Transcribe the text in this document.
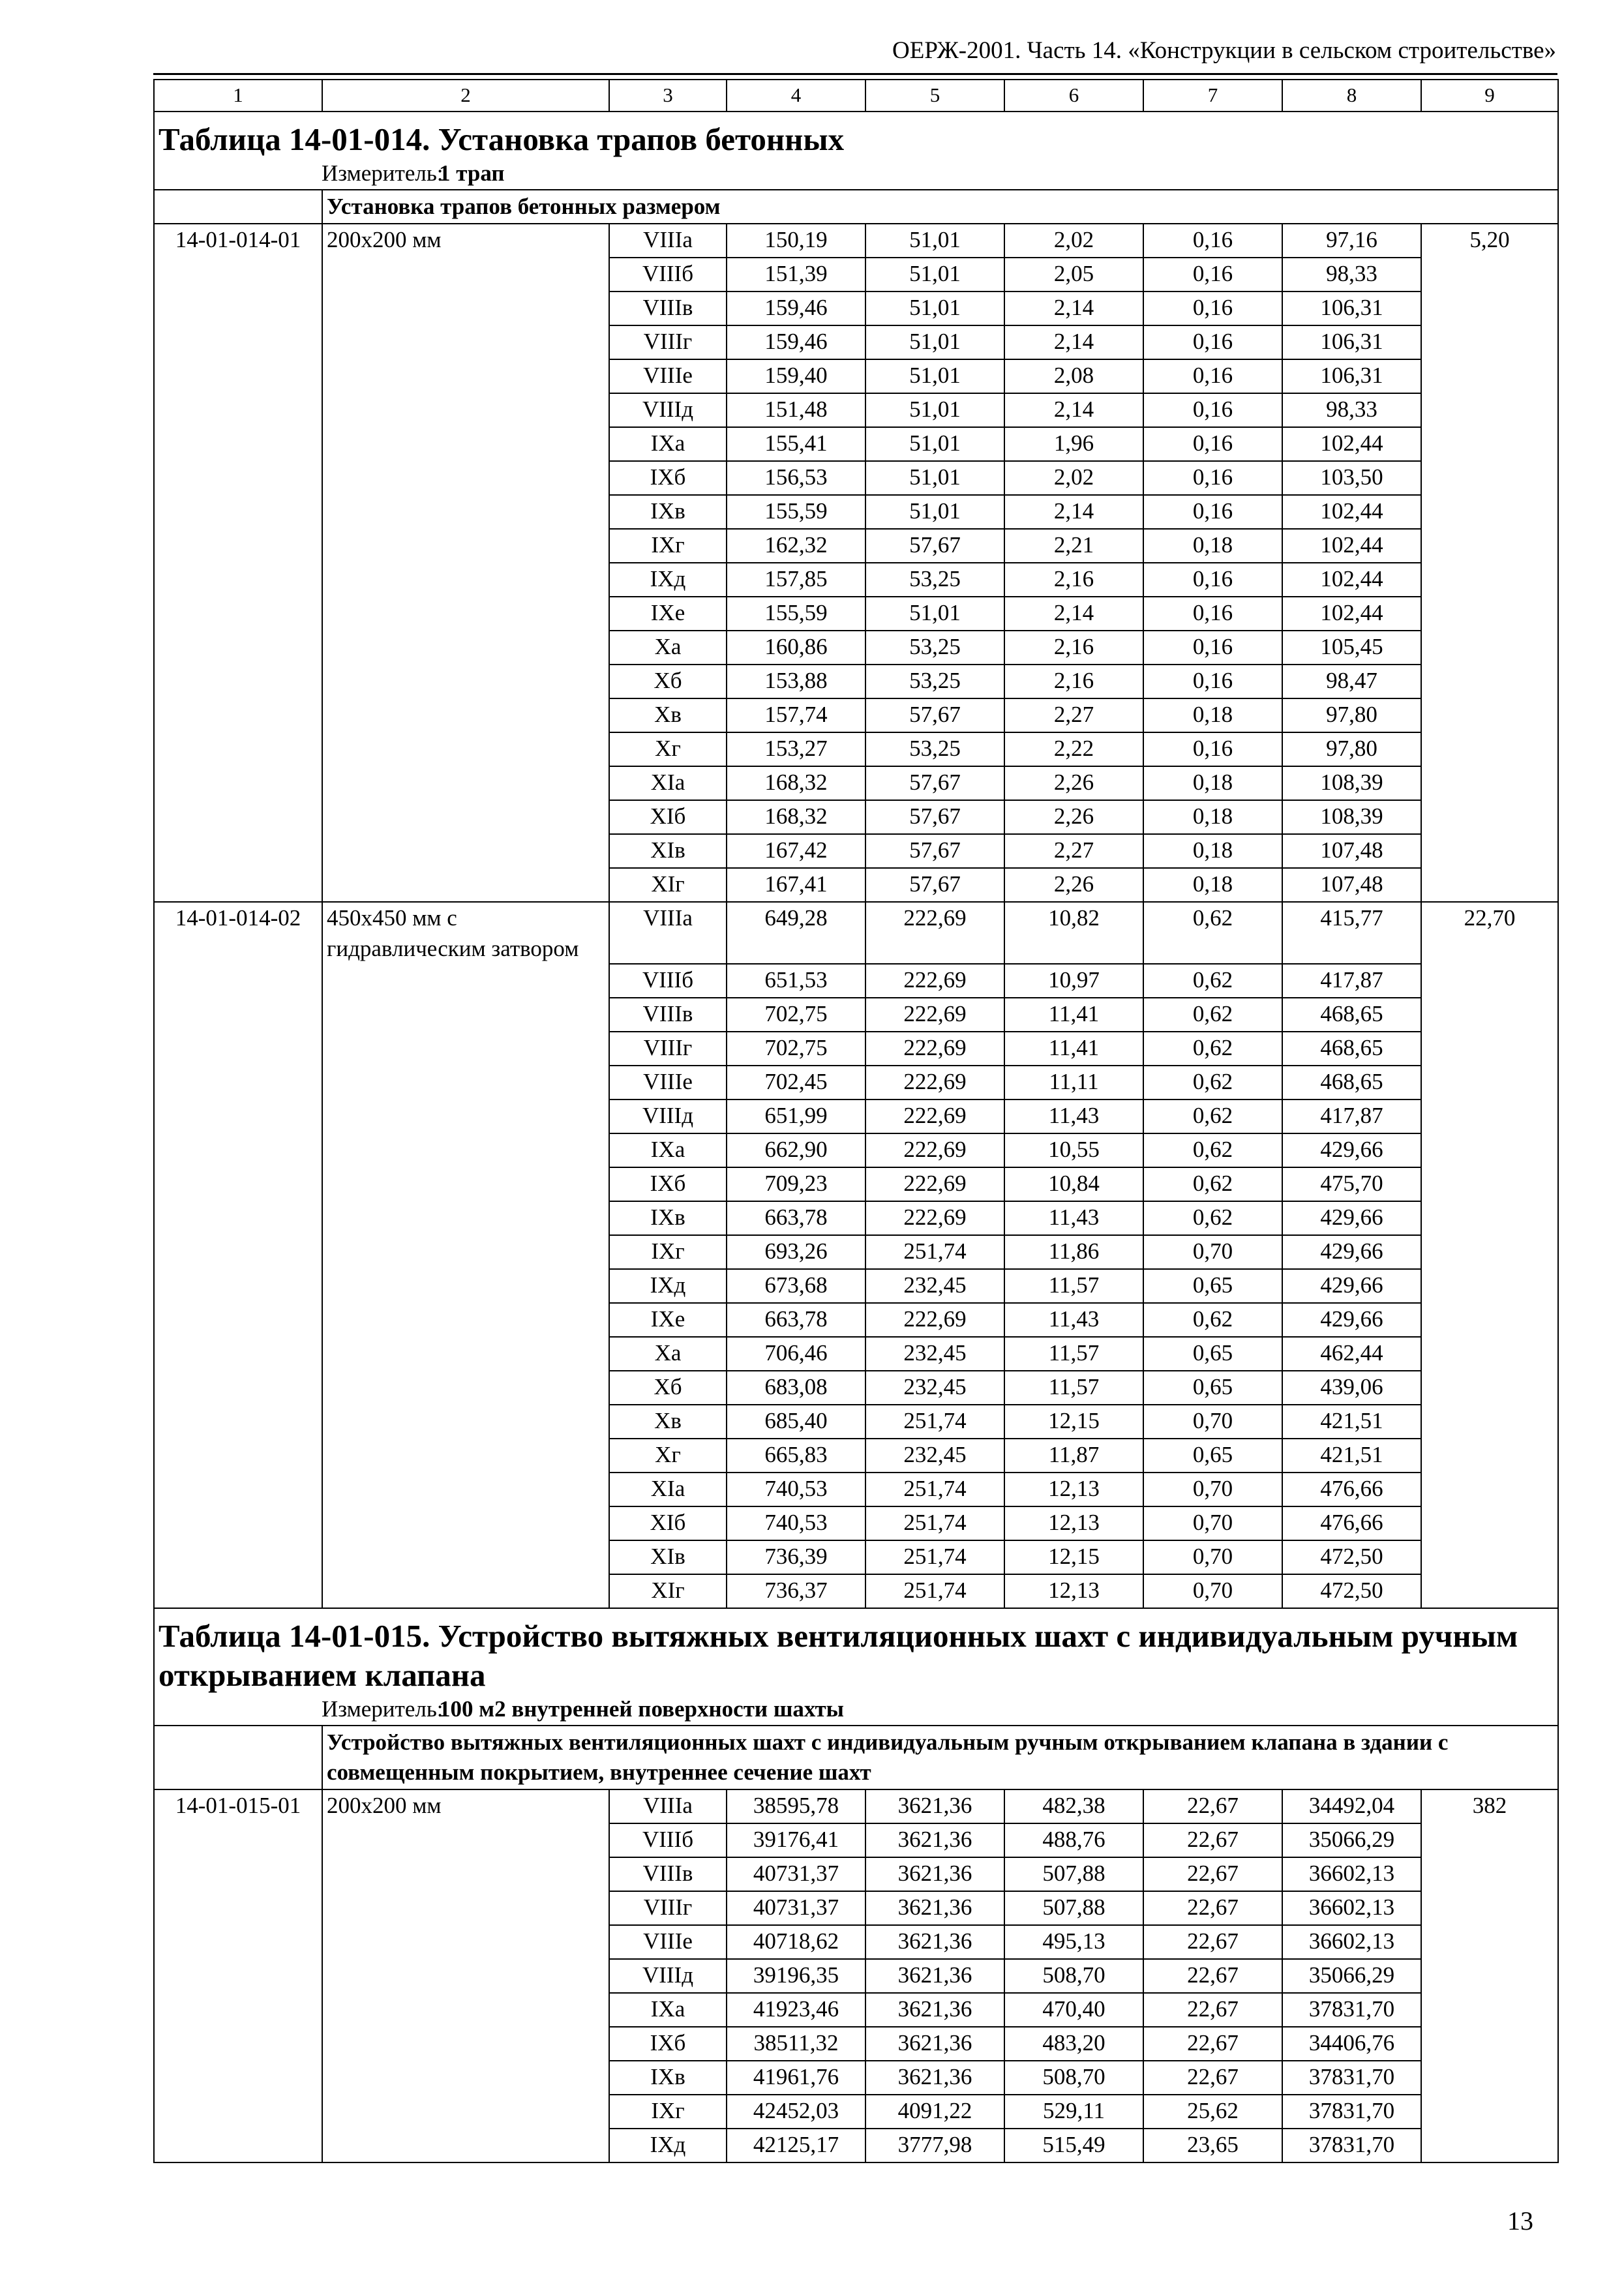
ОЕРЖ-2001. Часть 14. «Конструкции в сельском строительстве»
1	2	3	4	5	6	7	8	9
Таблица 14-01-014. Установка трапов бетонных								
Измеритель:1 трап								
	Установка трапов бетонных размером							
14-01-014-01	200х200 мм	VIIIа	150,19	51,01	2,02	0,16	97,16	5,20
		VIIIб	151,39	51,01	2,05	0,16	98,33	
		VIIIв	159,46	51,01	2,14	0,16	106,31	
		VIIIг	159,46	51,01	2,14	0,16	106,31	
		VIIIе	159,40	51,01	2,08	0,16	106,31	
		VIIIд	151,48	51,01	2,14	0,16	98,33	
		IXа	155,41	51,01	1,96	0,16	102,44	
		IXб	156,53	51,01	2,02	0,16	103,50	
		IXв	155,59	51,01	2,14	0,16	102,44	
		IXг	162,32	57,67	2,21	0,18	102,44	
		IXд	157,85	53,25	2,16	0,16	102,44	
		IXе	155,59	51,01	2,14	0,16	102,44	
		Xа	160,86	53,25	2,16	0,16	105,45	
		Xб	153,88	53,25	2,16	0,16	98,47	
		Xв	157,74	57,67	2,27	0,18	97,80	
		Xг	153,27	53,25	2,22	0,16	97,80	
		XIа	168,32	57,67	2,26	0,18	108,39	
		XIб	168,32	57,67	2,26	0,18	108,39	
		XIв	167,42	57,67	2,27	0,18	107,48	
		XIг	167,41	57,67	2,26	0,18	107,48	
14-01-014-02	450х450 мм с гидравлическим затвором	VIIIа	649,28	222,69	10,82	0,62	415,77	22,70
		VIIIб	651,53	222,69	10,97	0,62	417,87	
		VIIIв	702,75	222,69	11,41	0,62	468,65	
		VIIIг	702,75	222,69	11,41	0,62	468,65	
		VIIIе	702,45	222,69	11,11	0,62	468,65	
		VIIIд	651,99	222,69	11,43	0,62	417,87	
		IXа	662,90	222,69	10,55	0,62	429,66	
		IXб	709,23	222,69	10,84	0,62	475,70	
		IXв	663,78	222,69	11,43	0,62	429,66	
		IXг	693,26	251,74	11,86	0,70	429,66	
		IXд	673,68	232,45	11,57	0,65	429,66	
		IXе	663,78	222,69	11,43	0,62	429,66	
		Xа	706,46	232,45	11,57	0,65	462,44	
		Xб	683,08	232,45	11,57	0,65	439,06	
		Xв	685,40	251,74	12,15	0,70	421,51	
		Xг	665,83	232,45	11,87	0,65	421,51	
		XIа	740,53	251,74	12,13	0,70	476,66	
		XIб	740,53	251,74	12,13	0,70	476,66	
		XIв	736,39	251,74	12,15	0,70	472,50	
		XIг	736,37	251,74	12,13	0,70	472,50	
Таблица 14-01-015. Устройство вытяжных вентиляционных шахт с индивидуальным ручным открыванием клапана								
Измеритель:100 м2 внутренней поверхности шахты								
	Устройство вытяжных вентиляционных шахт с индивидуальным ручным открыванием клапана в здании с совмещенным покрытием, внутреннее сечение шахт							
14-01-015-01	200х200 мм	VIIIа	38595,78	3621,36	482,38	22,67	34492,04	382
		VIIIб	39176,41	3621,36	488,76	22,67	35066,29	
		VIIIв	40731,37	3621,36	507,88	22,67	36602,13	
		VIIIг	40731,37	3621,36	507,88	22,67	36602,13	
		VIIIе	40718,62	3621,36	495,13	22,67	36602,13	
		VIIIд	39196,35	3621,36	508,70	22,67	35066,29	
		IXа	41923,46	3621,36	470,40	22,67	37831,70	
		IXб	38511,32	3621,36	483,20	22,67	34406,76	
		IXв	41961,76	3621,36	508,70	22,67	37831,70	
		IXг	42452,03	4091,22	529,11	25,62	37831,70	
		IXд	42125,17	3777,98	515,49	23,65	37831,70	
13
